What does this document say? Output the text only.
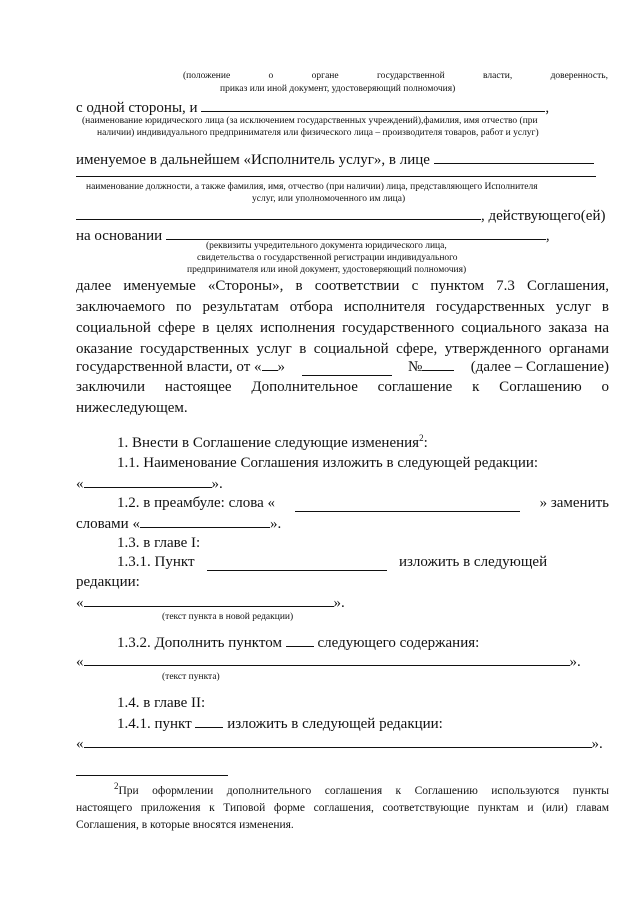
(положение о органе государственной власти, доверенность,
приказ или иной документ, удостоверяющий полномочия)
с одной стороны, и	,
(наименование юридического лица (за исключением государственных учреждений),фамилия, имя отчество (при
наличии) индивидуального предпринимателя или физического лица – производителя товаров, работ и услуг)
именуемое в дальнейшем «Исполнитель услуг», в лице
наименование должности, а также фамилия, имя, отчество (при наличии) лица, представляющего Исполнителя
услуг, или уполномоченного им лица)
, действующего(ей)
на основании	,
(реквизиты учредительного документа юридического лица,
свидетельства о государственной регистрации индивидуального
предпринимателя или иной документ, удостоверяющий полномочия)
далее именуемые «Стороны», в соответствии с пунктом 7.3 Соглашения,
заключаемого по результатам отбора исполнителя государственных услуг в
социальной сфере в целях исполнения государственного социального заказа на
оказание государственных услуг в социальной сфере, утвержденного органами
государственной власти, от « »	№	(далее – Соглашение)
заключили настоящее Дополнительное соглашение к Соглашению о
нижеследующем.
1. Внести в Соглашение следующие изменения$^2$:
1.1. Наименование Соглашения изложить в следующей редакции:
«	».
1.2. в преамбуле: слова «	» заменить
словами «	».
1.3. в главе I:
1.3.1. Пункт	изложить в следующей
редакции:
«	».
(текст пункта в новой редакции)
1.3.2. Дополнить пунктом следующего содержания:
«	».
(текст пункта)
1.4. в главе II:
1.4.1. пункт изложить в следующей редакции:
«	».
$^2$При оформлении дополнительного соглашения к Соглашению используются пункты
настоящего приложения к Типовой форме соглашения, соответствующие пунктам и (или) главам
Соглашения, в которые вносятся изменения.
